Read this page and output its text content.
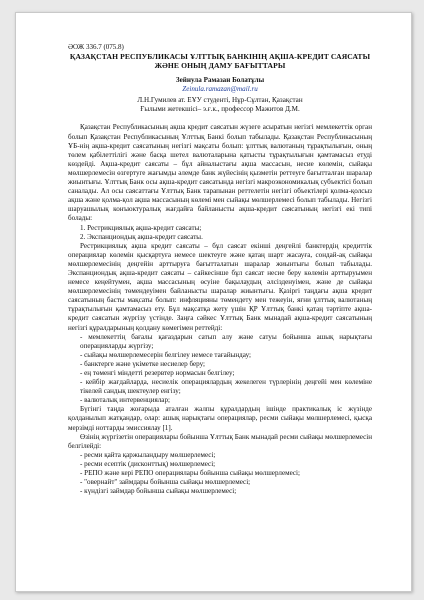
ӘОЖ 336.7 (075.8)

ҚАЗАҚСТАН РЕСПУБЛИКАСЫ ҰЛТТЫҚ БАНКІНІҢ АҚША-КРЕДИТ САЯСАТЫ ЖӘНЕ ОНЫҢ ДАМУ БАҒЫТТАРЫ

Зейнула Рамазан Болатұлы

Zeinula.ramazan@mail.ru

Л.Н.Гумилев ат. ЕҰУ студенті, Нұр-Сұлтан, Қазақстан

Ғылыми жетекшісі– э.ғ.к., профессор Мажитов Д.М.

Қазақстан Республикасының ақша кредит саясатын жүзеге асыратын негізгі мемлекеттік орган болып Қазақстан Республикасының Ұлттық Банкі болып табылады. Қазақстан Республикасының ҰБ-нің ақша-кредит саясатының негізгі мақсаты болып: ұлттық валютаның тұрақтылығын, оның төлем қабілеттілігі және басқа шетел валюталарына қатысты тұрақтылығын қамтамасыз етуді көздейді. Ақша-кредит саясаты – бұл айналыстағы ақша массасын, несие көлемін, сыйақы мөлшерлемесін өзгертуге жағымды әлемде банк жүйесінің қызметін реттеуге бағытталған шаралар жиынтығы. Ұлттық Банк осы ақша-кредит саясатында негізгі макроэкономикалық субъектісі болып саналады. Ал осы саясаттағы Ұлттық Банк тарапынан реттелетін негізгі объектілері қолма-қолсыз ақша және қолма-қол ақша массасының көлемі мен сыйақы мөлшерлемесі болып табылады. Негізгі шаруашылық конъюктуралық жағдайға байланысты ақша-кредит саясатының негізгі екі типі болады:

1. Рестрикциялық ақша-кредит саясаты;
2. Экспанциондық ақша-кредит саясаты.

Рестрикциялық ақша кредит саясаты – бұл саясат екінші деңгейлі банктердің кредиттік операциялар көлемін қысқартуға немесе шектеуге және қатаң шарт жасауға, сондай-ақ сыйақы мөлшерлемесінің деңгейін арттыруға бағытталатын шаралар жиынтығы болып табылады. Экспанциондық ақша-кредит саясаты – сайкесінше бұл саясат несие беру көлемін арттыруымен немесе кеңейтумен, ақша массасының өсуіне бақылаудың әлсізденуімен, және де сыйақы мөлшерлемесінің төмендеуімен байланысты шаралар жиынтығы. Қазіргі таңдағы ақша кредит саясатының басты мақсаты болып: инфляцияны төмендету мен тежеуін, яғни ұлттық валютаның тұрақтылығын қамтамасыз ету. Бұл мақсатқа жету үшін ҚР Ұлттық банкі қатаң тәртіпте ақша-кредит саясатын жүргізу үстінде. Заңға сәйкес Ұлттық Банк мынадай ақша-кредит саясатының негізгі құралдарының қолдану көмегімен реттейді:

- мемлекеттің бағалы қағаздарын сатып алу және сатуы бойынша ашық нарықтағы операцияларды жүргізу;
- сыйақы мөлшерлемесерін белгілеу немесе тағайындау;
- банктерге және үкіметке несиелер беру;
- ең төменгі міндетті резервтер нормасын белгілеу;
- кейбір жағдайларда, несиелік операциялардың жекелеген түрлерінің деңгейі мен көлеміне тікелей сандық шектеулер енгізу;
- валюталық интервенциялар;

Бүгінгі таңда жоғарыда аталған жалпы құралдардың ішінде практикалық іс жүзінде қолданылып жатқандар, олар: ашық нарықтағы операциялар, ресми сыйақы мөлшерлемесі, қысқа мерзімді ноттарды эмиссиялау [1].

Өзінің жүргізетін операциялары бойынша Ұлттық Банк мынадай ресми сыйақы мөлшерлемесін белгілейді:

- ресми қайта қаржыландыру мөлшерлемесі;
- ресми есептік (дисконттық) мөлшерлемесі;
- РЕПО және кері РЕПО операциялары бойынша сыйақы мөлшерлемесі;
- "овернайт" займдары бойынша сыйақы мөлшерлемесі;
- күндізгі займдар бойынша сыйақы мөлшерлемесі;
